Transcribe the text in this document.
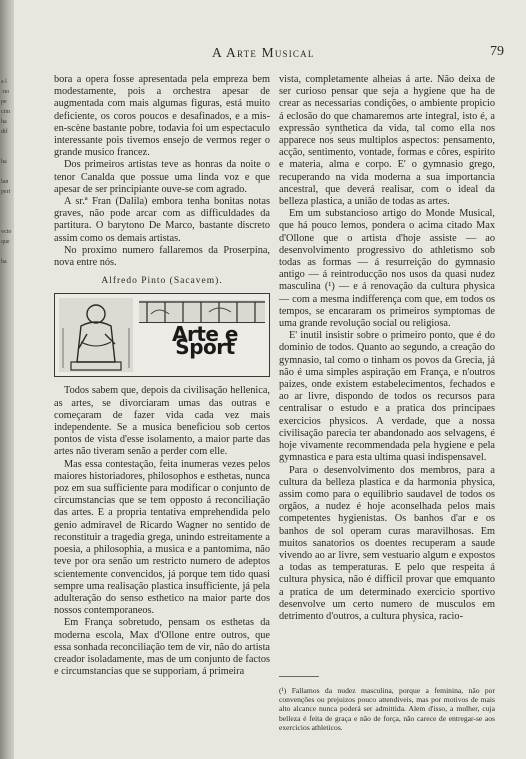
a l
·no
pe
cim
ha
dif
ha
lan
peri
vcto
que
ha
A Arte Musical	79

bora a opera fosse apresentada pela empreza bem modestamente, pois a orchestra apesar de augmentada com mais algumas figuras, está muito deficiente, os coros poucos e desafinados, e a mis-en-scène bastante pobre, todavia foi um espectaculo interessante pois tivemos ensejo de vermos reger o grande musico francez.

Dos primeiros artistas teve as honras da noite o tenor Canalda que possue uma linda voz e que apesar de ser principiante ouve-se com agrado.

A sr.ª Fran (Dalila) embora tenha bonitas notas graves, não pode arcar com as difficuldades da partitura. O barytono De Marco, bastante discreto assim como os demais artistas.

No proximo numero fallaremos da Proserpina, nova entre nós.

Alfredo Pinto (Sacavem).
Arte e Sport

Todos sabem que, depois da civilisação hellenica, as artes, se divorciaram umas das outras e começaram de fazer vida cada vez mais independente. Se a musica beneficiou sob certos pontos de vista d'esse isolamento, a maior parte das artes não tiveram senão a perder com elle.

Mas essa contestação, feita inumeras vezes pelos maiores historiadores, philosophos e esthetas, nunca poz em sua sufficiente para modificar o conjunto de circumstancias que se tem opposto á reconciliação das artes. E a propria tentativa emprehendida pelo genio admiravel de Ricardo Wagner no sentido de reconstituir a tragedia grega, unindo estreitamente a poesia, a philosophia, a musica e a pantomima, não teve por ora senão um restricto numero de adeptos scientemente convencidos, já porque tem tido quasi sempre uma realisação plastica insufficiente, já pela adulteração do senso esthetico na maior parte dos nossos contemporaneos.

Em França sobretudo, pensam os esthetas da moderna escola, Max d'Ollone entre outros, que essa sonhada reconciliação tem de vir, não do artista creador isoladamente, mas de um conjunto de factos e circumstancias que se supporiam, á primeira

vista, completamente alheias á arte. Não deixa de ser curioso pensar que seja a hygiene que ha de crear as necessarias condições, o ambiente propicio á eclosão do que chamaremos arte integral, isto é, a expressão synthetica da vida, tal como ella nos apparece nos seus multiplos aspectos: pensamento, acção, sentimento, vontade, formas e côres, espirito e materia, alma e corpo. E' o gymnasio grego, recuperando na vida moderna a sua importancia ancestral, que deverá realisar, com o ideal da belleza plastica, a união de todas as artes.

Em um substancioso artigo do Monde Musical, que há pouco lemos, pondera o acima citado Max d'Ollone que o artista d'hoje assiste — ao desenvolvimento progressivo do athletismo sob todas as formas — á resurreição do gymnasio antigo — á reintroducção nos usos da quasi nudez masculina (¹) — e á renovação da cultura physica — com a mesma indifferença com que, em todos os tempos, se encararam os primeiros symptomas de uma grande revolução social ou religiosa.

E' inutil insistir sobre o primeiro ponto, que é do dominio de todos. Quanto ao segundo, a creação do gymnasio, tal como o tinham os povos da Grecia, já não é uma simples aspiração em França, e n'outros paizes, onde existem estabelecimentos, fechados e ao ar livre, dispondo de todos os recursos para centralisar o estudo e a pratica dos principaes exercicios physicos. A verdade, que a nossa civilisação parecia ter abandonado aos selvagens, é hoje vivamente recommendada pela hygiene e pela gymnastica e para esta ultima quasi indispensavel.

Para o desenvolvimento dos membros, para a cultura da belleza plastica e da harmonia physica, assim como para o equilibrio saudavel de todos os orgãos, a nudez é hoje aconselhada pelos mais competentes hygienistas. Os banhos d'ar e os banhos de sol operam curas maravilhosas. Em muitos sanatorios os doentes recuperam a saude vivendo ao ar livre, sem vestuario algum e expostos a todas as temperaturas. E pelo que respeita á cultura physica, não é difficil provar que emquanto a pratica de um determinado exercicio sportivo desenvolve um certo numero de musculos em detrimento d'outros, a cultura physica, racio-

(¹) Fallamos da nudez masculina, porque a feminina, não por convenções ou prejuizos pouco attendiveis, mas por motivos de mais alto alcance nunca poderá ser admittida. Alem d'isso, a mulher, cuja belleza é feita de graça e não de força, não carece de entregar-se aos exercicios athleticos.
